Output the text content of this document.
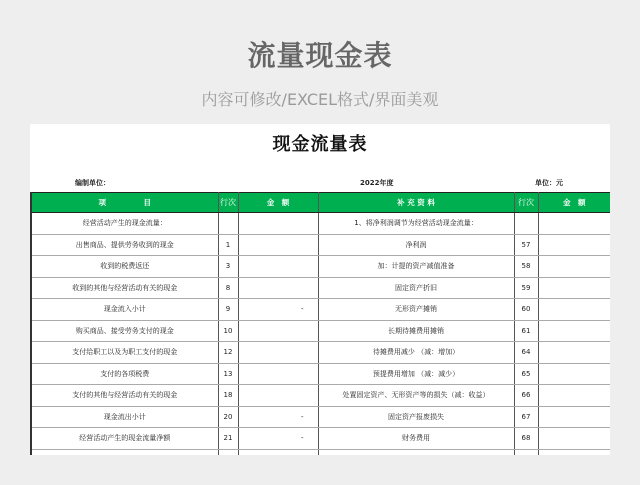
流量现金表
内容可修改/EXCEL格式/界面美观
现金流量表
编制单位：	2022年度	单位：元
项　　　　　目	行次	金　额	补 充 资 料	行次	金　额
经营活动产生的现金流量：			1、将净利润调节为经营活动现金流量：		
出售商品、提供劳务收到的现金	1		净利润	57	
收到的税费返还	3		加：计提的资产减值准备	58	
收到的其他与经营活动有关的现金	8		固定资产折旧	59	
现金流入小计	9	-	无形资产摊销	60	
购买商品、接受劳务支付的现金	10		长期待摊费用摊销	61	
支付给职工以及为职工支付的现金	12		待摊费用减少 （减：增加）	64	
支付的各项税费	13		预提费用增加 （减：减少）	65	
支付的其他与经营活动有关的现金	18		处置固定资产、无形资产等的损失（减：收益）	66	
现金流出小计	20	-	固定资产报废损失	67	
经营活动产生的现金流量净额	21	-	财务费用	68	
